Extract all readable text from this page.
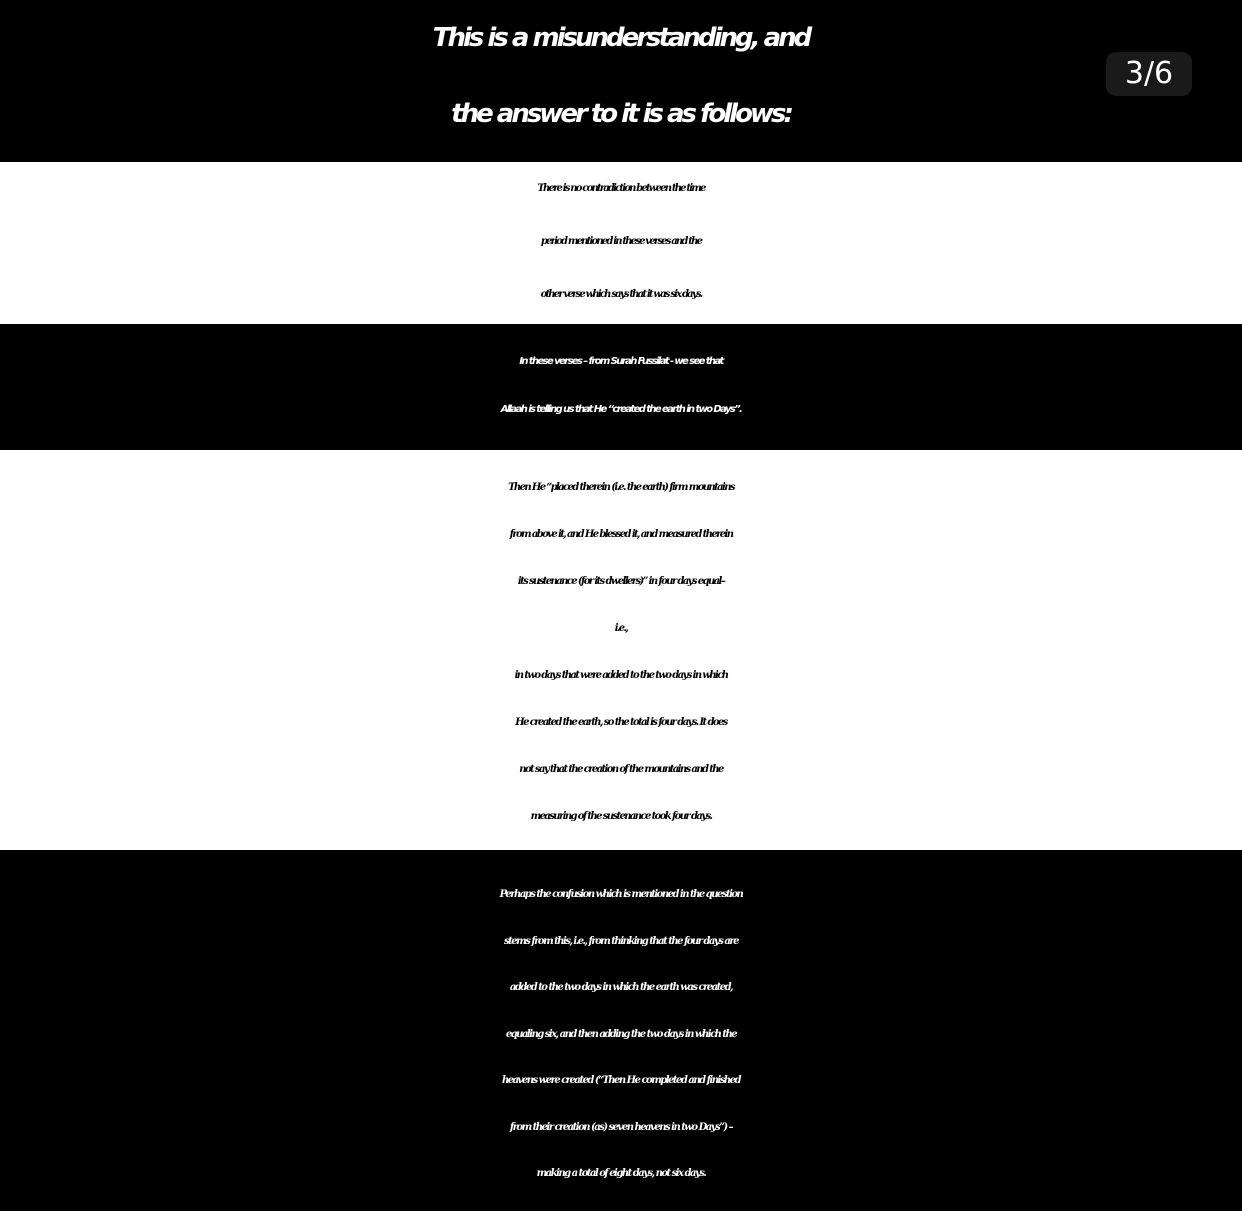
This is a misunderstanding, and
the answer to it is as follows:
3/6
There is no contradiction between the time
period mentioned in these verses and the
other verse which says that it was six days.
In these verses – from Surah Fussilat - we see that
Allaah is telling us that He “created the earth in two Days”.
Then He “placed therein (i.e. the earth) firm mountains
from above it, and He blessed it, and measured therein
its sustenance (for its dwellers)” in four days equal–
i.e.,
in two days that were added to the two days in which
He created the earth, so the total is four days. It does
not say that the creation of the mountains and the
measuring of the sustenance took four days.
Perhaps the confusion which is mentioned in the question
stems from this, i.e., from thinking that the four days are
added to the two days in which the earth was created,
equaling six, and then adding the two days in which the
heavens were created (“Then He completed and finished
from their creation (as) seven heavens in two Days”) –
making a total of eight days, not six days.
